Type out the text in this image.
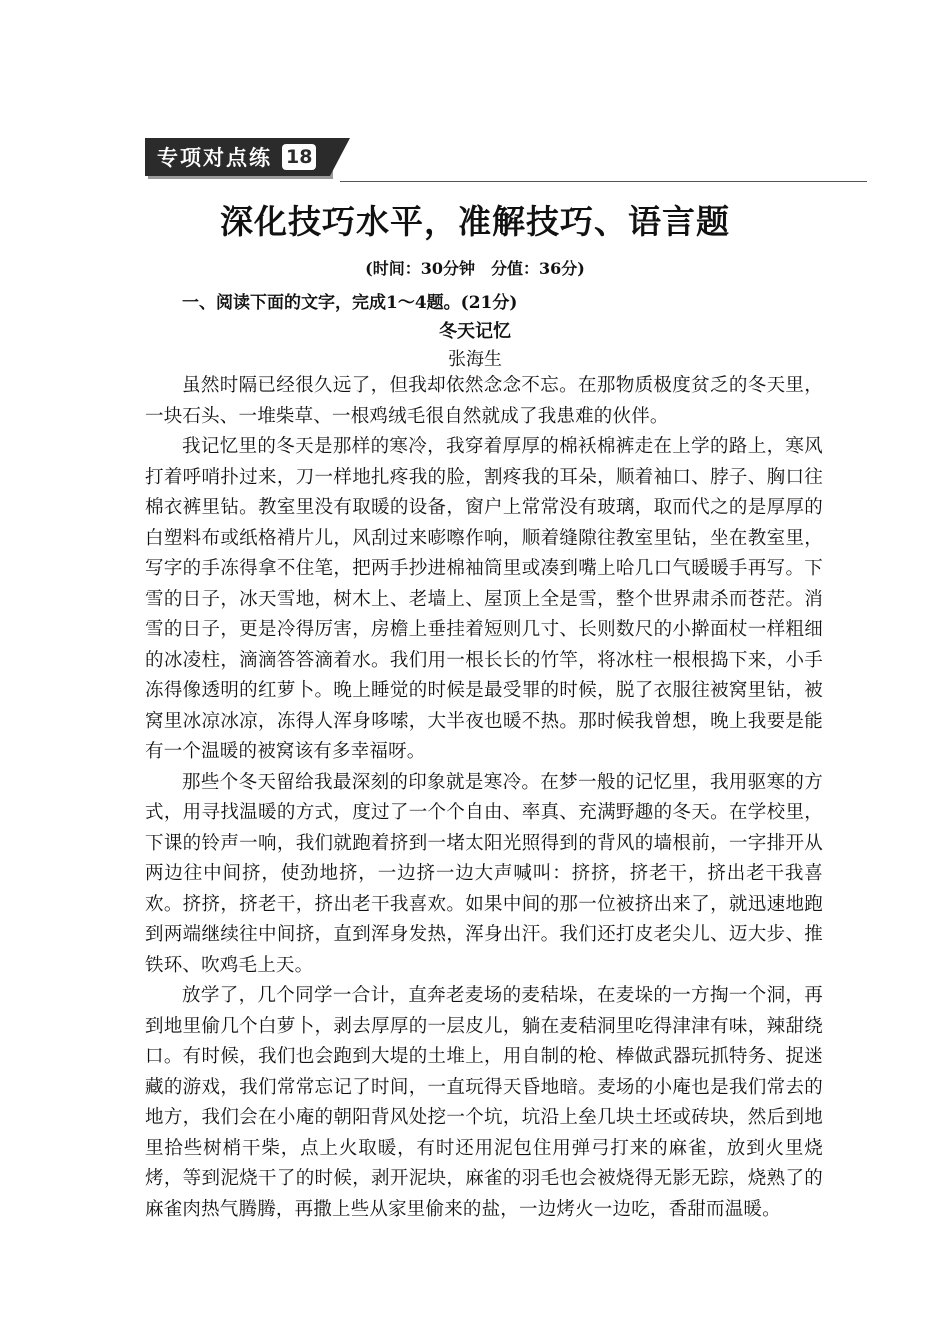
专项对点练 18
深化技巧水平，准解技巧、语言题
(时间：30分钟　分值：36分)
一、阅读下面的文字，完成1～4题。(21分)
冬天记忆
张海生

虽然时隔已经很久远了，但我却依然念念不忘。在那物质极度贫乏的冬天里，一块石头、一堆柴草、一根鸡绒毛很自然就成了我患难的伙伴。

我记忆里的冬天是那样的寒冷，我穿着厚厚的棉袄棉裤走在上学的路上，寒风打着呼哨扑过来，刀一样地扎疼我的脸，割疼我的耳朵，顺着袖口、脖子、胸口往棉衣裤里钻。教室里没有取暖的设备，窗户上常常没有玻璃，取而代之的是厚厚的白塑料布或纸格褙片儿，风刮过来嘭嚓作响，顺着缝隙往教室里钻，坐在教室里，写字的手冻得拿不住笔，把两手抄进棉袖筒里或凑到嘴上哈几口气暖暖手再写。下雪的日子，冰天雪地，树木上、老墙上、屋顶上全是雪，整个世界肃杀而苍茫。消雪的日子，更是冷得厉害，房檐上垂挂着短则几寸、长则数尺的小擀面杖一样粗细的冰凌柱，滴滴答答滴着水。我们用一根长长的竹竿，将冰柱一根根捣下来，小手冻得像透明的红萝卜。晚上睡觉的时候是最受罪的时候，脱了衣服往被窝里钻，被窝里冰凉冰凉，冻得人浑身哆嗦，大半夜也暖不热。那时候我曾想，晚上我要是能有一个温暖的被窝该有多幸福呀。

那些个冬天留给我最深刻的印象就是寒冷。在梦一般的记忆里，我用驱寒的方式，用寻找温暖的方式，度过了一个个自由、率真、充满野趣的冬天。在学校里，下课的铃声一响，我们就跑着挤到一堵太阳光照得到的背风的墙根前，一字排开从两边往中间挤，使劲地挤，一边挤一边大声喊叫：挤挤，挤老干，挤出老干我喜欢。挤挤，挤老干，挤出老干我喜欢。如果中间的那一位被挤出来了，就迅速地跑到两端继续往中间挤，直到浑身发热，浑身出汗。我们还打皮老尖儿、迈大步、推铁环、吹鸡毛上天。

放学了，几个同学一合计，直奔老麦场的麦秸垛，在麦垛的一方掏一个洞，再到地里偷几个白萝卜，剥去厚厚的一层皮儿，躺在麦秸洞里吃得津津有味，辣甜绕口。有时候，我们也会跑到大堤的土堆上，用自制的枪、棒做武器玩抓特务、捉迷藏的游戏，我们常常忘记了时间，一直玩得天昏地暗。麦场的小庵也是我们常去的地方，我们会在小庵的朝阳背风处挖一个坑，坑沿上垒几块土坯或砖块，然后到地里拾些树梢干柴，点上火取暖，有时还用泥包住用弹弓打来的麻雀，放到火里烧烤，等到泥烧干了的时候，剥开泥块，麻雀的羽毛也会被烧得无影无踪，烧熟了的麻雀肉热气腾腾，再撒上些从家里偷来的盐，一边烤火一边吃，香甜而温暖。
